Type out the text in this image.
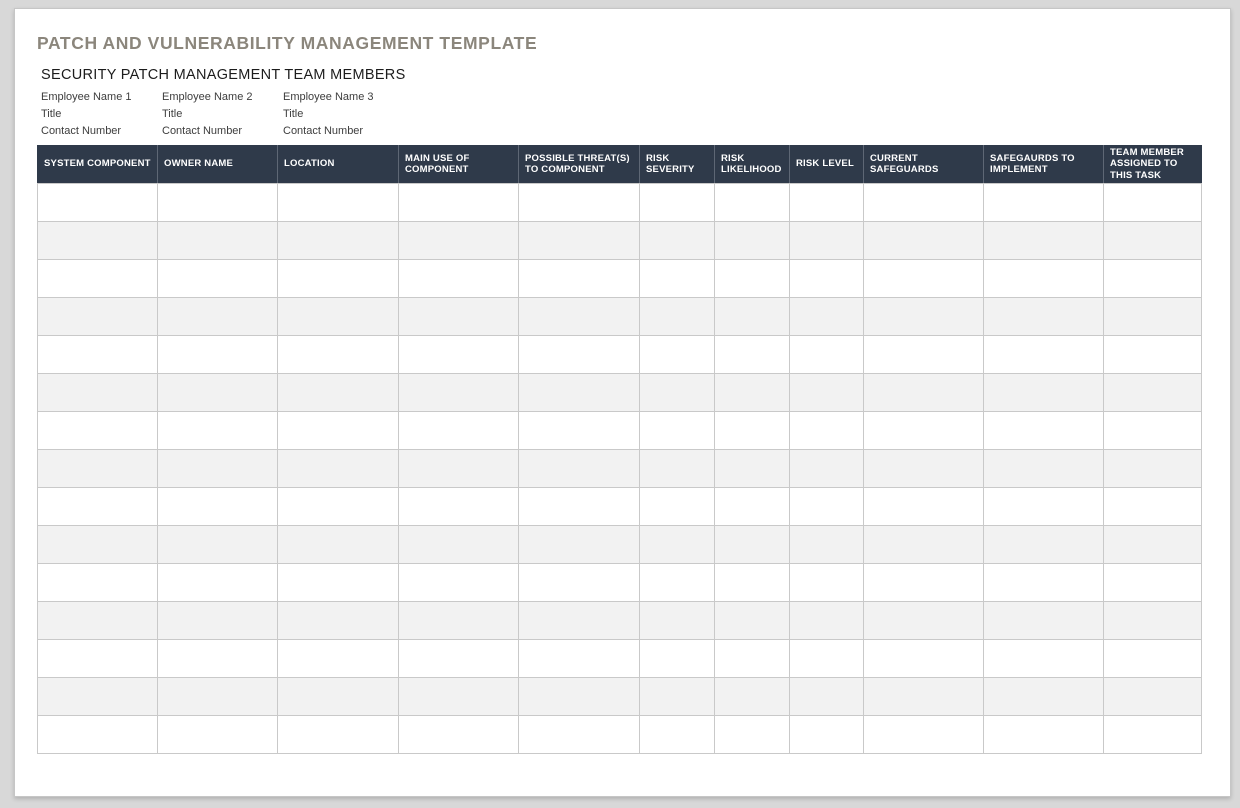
PATCH AND VULNERABILITY MANAGEMENT TEMPLATE
SECURITY PATCH MANAGEMENT TEAM MEMBERS
Employee Name 1
Title
Contact Number
Employee Name 2
Title
Contact Number
Employee Name 3
Title
Contact Number
SYSTEM COMPONENT	OWNER NAME	LOCATION	MAIN USE OF COMPONENT	POSSIBLE THREAT(S) TO COMPONENT	RISK SEVERITY	RISK LIKELIHOOD	RISK LEVEL	CURRENT SAFEGUARDS	SAFEGAURDS TO IMPLEMENT	TEAM MEMBER ASSIGNED TO THIS TASK
